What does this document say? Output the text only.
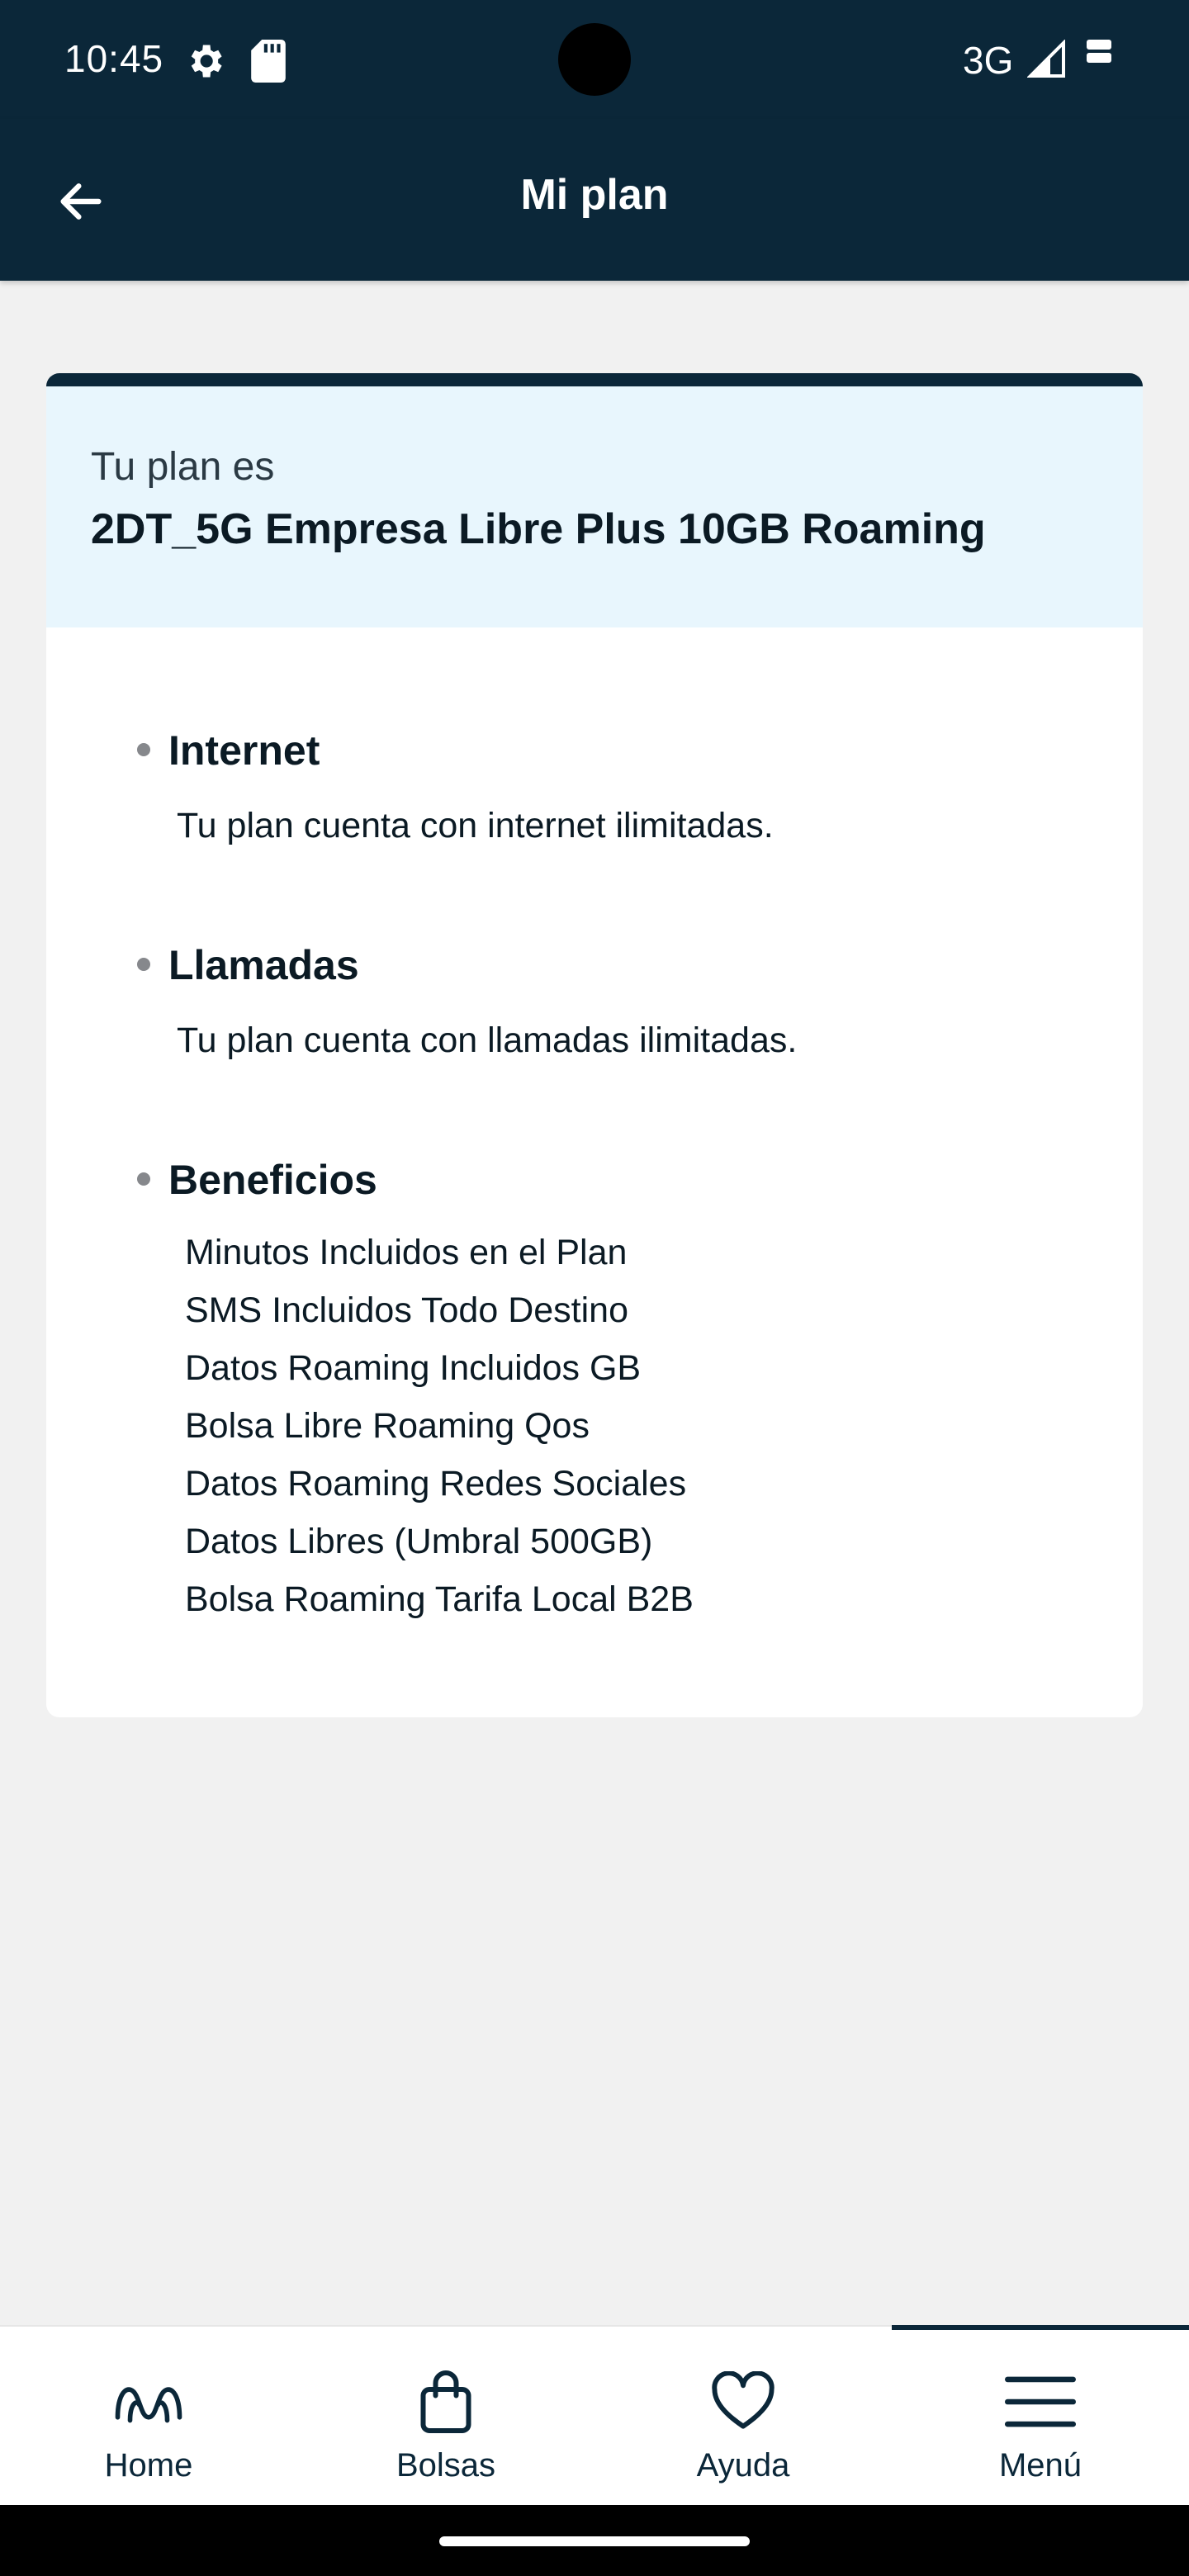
10:45	3G
Mi plan
Tu plan es
2DT_5G Empresa Libre Plus 10GB Roaming
Internet
Tu plan cuenta con internet ilimitadas.
Llamadas
Tu plan cuenta con llamadas ilimitadas.
Beneficios
Minutos Incluidos en el Plan
SMS Incluidos Todo Destino
Datos Roaming Incluidos GB
Bolsa Libre Roaming Qos
Datos Roaming Redes Sociales
Datos Libres (Umbral 500GB)
Bolsa Roaming Tarifa Local B2B
Home	Bolsas	Ayuda	Menú
